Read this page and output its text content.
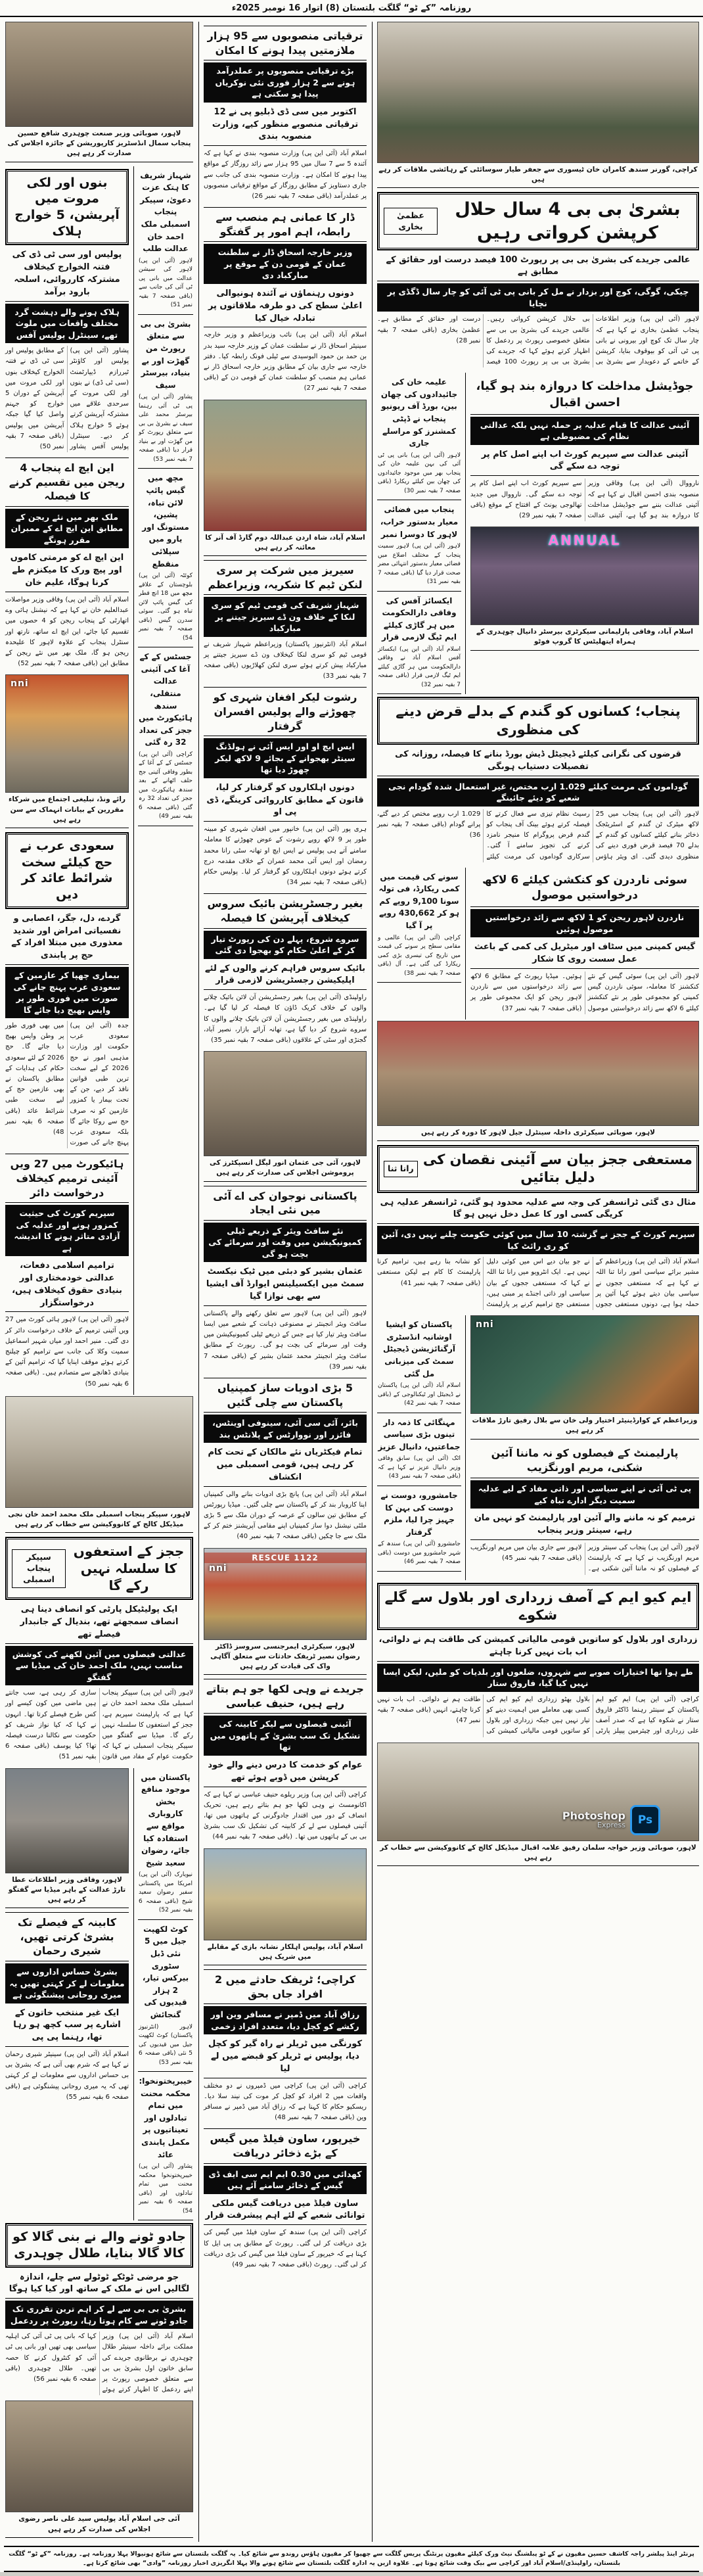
روزنامہ ”کے ٹو“ گلگت بلتستان (8) اتوار 16 نومبر 2025ء
کراچی، گورنر سندھ کامران خان ٹیسوری سے جعفر طیار سوسائٹی کے رہائشی ملاقات کر رہے ہیں
بشریٰ بی بی 4 سال حلال کرپشن کرواتی رہیں
عظمیٰ بخاری
عالمی جریدے کی بشریٰ بی بی پر رپورٹ 100 فیصد درست اور حقائق کے مطابق ہے
چیکی، گوگی، کوچ اور بزدار نے مل کر بانی پی ٹی آئی کو چار سال ڈگڈی پر نچایا

لاہور (آئی این پی) وزیر اطلاعات پنجاب عظمیٰ بخاری نے کہا ہے کہ چار سال تک کوچ اور بیرونی نے بانی پی ٹی آئی کو بیوقوف بنایا، کرپشن کے خاتمے کے دعویدار سے بشریٰ بی بی حلال کرپشن کرواتی رہیں۔ عالمی جریدے کی بشریٰ بی بی سے متعلق خصوصی رپورٹ پر ردعمل کا اظہار کرتے ہوئے کہا کہ جریدے کی بشریٰ بی بی پر رپورٹ 100 فیصد درست اور حقائق کے مطابق ہے۔ عظمیٰ بخاری (باقی صفحہ 7 بقیہ نمبر 28)

جوڈیشل مداخلت کا دروازہ بند ہو گیا، احسن اقبال
آئینی عدالت کا قیام عدلیہ پر حملہ نہیں بلکہ عدالتی نظام کی مضبوطی ہے
آئینی عدالت سے سپریم کورٹ اب اپنے اصل کام پر توجہ دے سکے گی

نارووال (آئی این پی) وفاقی وزیر منصوبہ بندی احسن اقبال نے کہا ہے کہ آئینی عدالت بننے سے جوڈیشل مداخلت کا دروازہ بند ہو گیا ہے، آئینی عدالت سے سپریم کورٹ اب اپنے اصل کام پر توجہ دے سکے گی۔ نارووال میں جدید تھالوجی یونٹ کے افتتاح کے موقع (باقی صفحہ 7 بقیہ نمبر 29)

ANNUAL
اسلام آباد، وفاقی پارلیمانی سیکرٹری بیرسٹر دانیال چوہدری کے ہمراہ ایتھلیٹس کا گروپ فوٹو
علیمہ خان کی جائیدادوں کی چھان بین، بورڈ آف ریونیو پنجاب نے ڈپٹی کمشنرز کو مراسلے جاری

لاہور (آئی این پی) بانی پی ٹی آئی کی بہن علیمہ خان کی پنجاب بھر میں موجود جائیدادوں کی چھان بین کیلئے ریکارڈ (باقی صفحہ 7 بقیہ نمبر 30)

پنجاب میں فضائی معیار بدستور خراب، لاہور کا دوسرا نمبر

لاہور (آئی این پی) لاہور سمیت پنجاب کے مختلف اضلاع میں فضائی معیار بدستور انتہائی مضر صحت قرار دیا گیا (باقی صفحہ 7 بقیہ نمبر 31)

ایکسائز آفس کی وفاقی دارالحکومت میں ہر گاڑی کیلئے ایم ٹیگ لازمی قرار

اسلام آباد (آئی این پی) ایکسائز آفس اسلام آباد نے وفاقی دارالحکومت میں ہر گاڑی کیلئے ایم ٹیگ لازمی قرار (باقی صفحہ 7 بقیہ نمبر 32)

پنجاب؛ کسانوں کو گندم کے بدلے قرض دینے کی منظوری
قرضوں کی نگرانی کیلئے ڈیجیٹل ڈیش بورڈ بنانے کا فیصلہ، روزانہ کی تفصیلات دستیاب ہوںگی
گوداموں کی مرمت کیلئے 1.029 ارب مختص، غیر استعمال شدہ گودام نجی شعبے کو دیئے جائینگے

لاہور (آئی این پی) پنجاب میں 25 لاکھ میٹرک ٹن گندم کے اسٹریٹجک ذخائر بنانے کیلئے کسانوں کو گندم کے بدلے 70 فیصد قرض فوری دینے کی منظوری دیدی گئی۔ ای ویئر ہاؤس رسیٹ نظام تیزی سے فعال کرتے کا فیصلہ کرتے ہوئے بینک آف پنجاب کو گندم قرض پروگرام کا منیجر نامزد کرنے کی تجویز سامنے آ گئی۔ سرکاری گوداموں کی مرمت کیلئے 1.029 ارب روپے مختص کر دیے گئے، پرانے گودام (باقی صفحہ 7 بقیہ نمبر 36)

سوئی ناردرن کو کنکشن کیلئے 6 لاکھ درخواستیں موصول
ناردرن لاہور ریجن کو 1 لاکھ سے زائد درخواستیں موصول ہوئیں
گیس کمپنی میں سٹاف اور میٹریل کی کمی کے باعث عمل سست روی کا شکار

لاہور (آئی این پی) سوئی گیس کے نئے کنکشنز کا معاملہ، سوئی ناردرن گیس کمپنی کو مجموعی طور پر نئے کنکشنز کیلئے 6 لاکھ سے زائد درخواستیں موصول ہوئیں۔ میڈیا رپورٹ کے مطابق 6 لاکھ سے زائد درخواستوں میں سے ناردرن لاہور ریجن کو ایک مجموعی طور پر (باقی صفحہ 7 بقیہ نمبر 37)

سونے کی قیمت میں کمی ریکارڈ، فی تولہ سونا 9,100 روپے کم ہو کر 430,662 روپے پر آ گیا

کراچی (آئی این پی) عالمی و مقامی سطح پر سونے کی قیمت میں تاریخ کی تیسری بڑی کمی ریکارڈ کی گئی ہے۔ آل (باقی صفحہ 7 بقیہ نمبر 38)

لاہور، صوبائی سیکرٹری داخلہ سینٹرل جیل لاہور کا دورہ کر رہے ہیں
مستعفی ججز بیان سے آئینی نقصان کی دلیل بتائیں
رانا ثنا
مثال دی گئی ٹرانسفر کی وجہ سے عدلیہ محدود ہو گئی، ٹرانسفر عدلیہ ہی کریگی کسی اور کا عمل دخل نہیں ہو گا
سپریم کورٹ کے ججز نے گزشتہ 10 سال میں کوئی حکومت چلنے نہیں دی، آئین کو ری رائٹ کیا

اسلام آباد (آئی این پی) وزیراعظم کے مشیر برائے سیاسی امور رانا ثنا اللہ نے کہا ہے کہ مستعفی ججوں نے سیاسی بیان دیتے ہوئے کہا آئین پر حملہ ہوا ہے، دونوں مستعفی ججوں نے جو بیان دیے اس میں کوئی دلیل نہیں ہے۔ ایک انٹرویو میں رانا ثنا اللہ نے کہا کہ مستعفی ججوں کے بیان سیاسی اور ذاتی اجنڈے پر مبنی ہیں، مستعفی جج ترامیم کرنے پر پارلیمنٹ کو نشانہ بنا رہے ہیں، ترامیم کرنا پارلیمنٹ کا کام ہے لیکن مستعفی (باقی صفحہ 7 بقیہ نمبر 41)

nni
وزیراعظم کے کوارڈینیٹر اختیار ولی خان سے بلال رفیق تارڑ ملاقات کر رہے ہیں
پارلیمنٹ کے فیصلوں کو نہ ماننا آئین شکنی، مریم اورنگزیب
پی ٹی آئی نے اپنے سیاسی اور ذاتی مفاد کے لیے عدلیہ سمیت دیگر ادارے تباہ کیے
ترمیم کو نہ ماننے والے آئین اور پارلیمنٹ کو نہیں مان رہے، سینئر وزیر پنجاب

لاہور (آئی این پی) پنجاب کی سینئر وزیر مریم اورنگزیب نے کہا ہے کہ پارلیمنٹ کے فیصلوں کو نہ ماننا آئین شکنی ہے۔ لاہور سے جاری بیان میں مریم اورنگزیب (باقی صفحہ 7 بقیہ نمبر 45)

پاکستان کو ایشیا اوشانیہ انڈسٹری آرگنائزیشن ڈیجیٹل سمٹ کی میزبانی مل گئی

اسلام آباد (آئی این پی) پاکستان نے ڈیجیٹل اور ٹیکنالوجی کے (باقی صفحہ 7 بقیہ نمبر 42)

مہنگائی کا ذمہ دار تینوں بڑی سیاسی جماعتیں، دانیال عزیز

اٹک (آئی این پی) سابق وفاقی وزیر دانیال عزیز نے کہا ہے کہ (باقی صفحہ 7 بقیہ نمبر 43)

جامشورو، دوست نے دوست کی بہن کا جہیز چرا لیا، ملزم گرفتار

جامشورو (آئی این پی) سندھ کے شہر جامشورو میں دوست (باقی صفحہ 7 بقیہ نمبر 46)

ایم کیو ایم کے آصف زرداری اور بلاول سے گلے شکوے
زرداری اور بلاول کو ساتویں قومی مالیاتی کمیشن کی طاقت ہم نے دلوائی، اب بات نہیں کرنا چاہتے
طے ہوا تھا اختیارات صوبے سے شہروں، ضلعوں اور بلدیات کو ملیں، لیکن ایسا نہیں کیا گیا، فاروق ستار

کراچی (آئی این پی) ایم کیو ایم پاکستان کے سینئر رہنما ڈاکٹر فاروق ستار نے شکوہ کیا ہے کہ صدر آصف علی زرداری اور چیئرمین پیپلز پارٹی بلاول بھٹو زرداری ایم کیو ایم کی کسی بھی معاملے میں اہمیت دینے کو تیار نہیں ہیں جبکہ زرداری اور بلاول کو ساتویں قومی مالیاتی کمیشن کی طاقت ہم نے دلوائی۔ اب بات نہیں کرنا چاہتے، انہیں (باقی صفحہ 7 بقیہ نمبر 47)

Ps
Photoshop
Express
لاہور، صوبائی وزیر خواجہ سلمان رفیق علامہ اقبال میڈیکل کالج کے کانووکیشن سے خطاب کر رہے ہیں
ترقیاتی منصوبوں سے 95 ہزار ملازمتیں پیدا ہونے کا امکان
بڑے ترقیاتی منصوبوں پر عملدرآمد ہونے سے 2 ہزار فوری نئی نوکریاں پیدا ہو سکتی ہے
اکتوبر میں سی ڈی ڈبلیو پی نے 12 ترقیاتی منصوبے منظور کیے، وزارت منصوبہ بندی

اسلام آباد (آئی این پی) وزارت منصوبہ بندی نے کہا ہے کہ آئندہ 5 سے 7 سال میں 95 ہزار سے زائد روزگار کے مواقع پیدا ہونے کا امکان ہے۔ وزارت منصوبہ بندی کی جانب سے جاری دستاویز کے مطابق روزگار کے مواقع ترقیاتی منصوبوں پر عملدرآمد (باقی صفحہ 7 بقیہ نمبر 26)

ڈار کا عمانی ہم منصب سے رابطہ، اہم امور پر گفتگو
وزیر خارجہ اسحاق ڈار نے سلطنت عمان کے قومی دن کے موقع پر مبارکباد دی
دونوں رہنماؤں نے آئندہ ہونیوالی اعلیٰ سطح کی دو طرفہ ملاقاتوں پر تبادلہ خیال کیا

اسلام آباد (آئی این پی) نائب وزیراعظم و وزیر خارجہ سینیٹر اسحاق ڈار نے سلطنت عمان کے وزیر خارجہ سید بدر بن حمد بن حمود البوسیدی سے ٹیلی فونک رابطہ کیا۔ دفتر خارجہ سے جاری بیان کے مطابق وزیر خارجہ اسحاق ڈار نے عمانی ہم منصب کو سلطنت عمان کے قومی دن کے (باقی صفحہ 7 بقیہ نمبر 27)

اسلام آباد، شاہ اردن عبداللہ دوم گارڈ آف آنر کا معائنہ کر رہے ہیں
سیریز میں شرکت پر سری لنکن ٹیم کا شکریہ، وزیراعظم
شہباز شریف کی قومی ٹیم کو سری لنکا کے خلاف ون ڈے سیریز جیتنے پر مبارکباد

اسلام آباد (انٹرنیوز پاکستان) وزیراعظم شہباز شریف نے قومی ٹیم کو سری لنکا کیخلاف ون ڈے سیریز جیتنے پر مبارکباد پیش کرتے ہوئے سری لنکن کھلاڑیوں (باقی صفحہ 7 بقیہ نمبر 33)

رشوت لیکر افغان شہری کو چھوڑنے والے پولیس افسران گرفتار
ایس ایچ او اور ایس آئی نے ہولڈنگ سینٹر بھجوانے کے بجائے 9 لاکھ لیکر چھوڑ دیا تھا
دونوں اہلکاروں کو گرفتار کر لیا، قانون کے مطابق کارروائی کرینگے، ڈی پی او

ہری پور (آئی این پی) خانپور میں افغان شہری کو مبینہ طور پر 9 لاکھ روپے رشوت کے عوض چھوڑنے کا معاملہ سامنے آتے ہی پولیس نے ایس ایچ او تھانہ سٹی رانا محمد رمضان اور ایس آئی محمد عمران کے خلاف مقدمہ درج کرتے ہوئے دونوں اہلکاروں کو گرفتار کر لیا۔ پولیس حکام (باقی صفحہ 7 بقیہ نمبر 34)

بغیر رجسٹریشن بائیک سروس کیخلاف آپریشن کا فیصلہ
سروے شروع، پہلے دن کی رپورٹ تیار کر کے اعلیٰ حکام کو بھجوا دی گئی
بائیک سروس فراہم کرنے والوں کے لئے اپلیکیشن رجسٹریشن لازمی قرار

راولپنڈی (آئی این پی) بغیر رجسٹریشن آن لائن بائیک چلانے والوں کے خلاف کریک ڈاؤن کا فیصلہ کر لیا گیا ہے۔ راولپنڈی میں بغیر رجسٹریشن آن لائن بائیک چلانے والوں کا سروے شروع کر دیا گیا ہے، تھانہ آرائے بازار، نصیر آباد، گجنڑی اور سٹی کے علاقوں (باقی صفحہ 7 بقیہ نمبر 35)

لاہور، آئی جی عثمان انور لیگل انسپکٹرز کی پروموشن اجلاس کی صدارت کر رہے ہیں
پاکستانی نوجوان کی اے آئی میں نئی ایجاد
نئے سافٹ ویئر کے ذریعے ٹیلی کمیونیکیشن میں وقت اور سرمائے کی بچت ہو گی
عثمان بشیر کو دبئی میں ٹیک نیکسٹ سمٹ میں ایکسیلینس ایوارڈ آف ایشیا سے بھی نوازا گیا

لاہور (آئی این پی) لاہور سے تعلق رکھنے والے پاکستانی سافٹ ویئر انجینئر نے مصنوعی ذہانت کے شعبے میں ایسا سافٹ ویئر تیار کیا ہے جس کے ذریعے ٹیلی کمیونیکیشن میں وقت اور سرمائے کی بچت ہو گی۔ رپورٹ کے مطابق سافٹ ویئر انجینئر محمد عثمان بشیر کے (باقی صفحہ 7 بقیہ نمبر 39)

5 بڑی ادویات ساز کمپنیاں پاکستان سے چلی گئیں
بائر، آئی سی آئی، سینوفی اوینٹس، فائزر اور نووارٹس کے پلانٹس بند
تمام فیکٹریاں نئے مالکان کے تحت کام کر رہی ہیں، قومی اسمبلی میں انکشاف

اسلام آباد (آئی این پی) پانچ بڑی ادویات بنانے والی کمپنیاں اپنا کاروبار بند کر کے پاکستان سے چلی گئیں۔ میڈیا رپورٹس کے مطابق تین سالوں کے عرصہ کے دوران ملک سے 5 بڑی ملٹی نیشنل دوا ساز کمپنیاں اپنے مقامی آپریشنز ختم کر کے ملک سے جا چکیں (باقی صفحہ 7 بقیہ نمبر 40)

RESCUE 1122
nni
لاہور، سیکرٹری ایمرجنسی سروسز ڈاکٹر رضوان نصیر ٹریفک حادثات سے متعلق آگاہی واک کی قیادت کر رہے ہیں
جریدے نے وہی لکھا جو ہم بتاتے رہے ہیں، حنیف عباسی
آئینی فیصلوں سے لیکر کابینہ کی تشکیل تک سب بشریٰ کے ہاتھوں میں تھا
عوام کو خدمت کا درس دینے والے خود کرپشن میں ڈوبے ہوئے تھے

کراچی (آئی این پی) وزیر ریلوے حنیف عباسی نے کہا ہے کہ اکانومسٹ نے وہی لکھا جو ہم بتاتے رہے ہیں، تحریک انصاف کے دور میں اقتدار جادوگرنی کے ہاتھوں میں تھا، آئینی فیصلوں سے لے کر کابینہ کی تشکیل تک سب بشریٰ بی بی کے ہاتھوں میں تھا۔ (باقی صفحہ 7 بقیہ نمبر 44)

اسلام آباد، پولیس اہلکار نشانہ بازی کے مقابلے میں شریک ہیں
کراچی؛ ٹریفک حادثے میں 2 افراد جاں بحق
رزاق آباد میں ڈمپر نے مسافر وین اور رکشے کو کچل دیا، متعدد افراد زخمی
کورنگی میں ٹریلر نے راہ گیر کو کچل دیا، پولیس نے ٹریلر کو قبضے میں لے لیا

کراچی (آئی این پی) کراچی میں ڈمپروں نے دو مختلف واقعات میں 2 افراد کو کچل کر موت کی نیند سلا دیا۔ ریسکیو حکام کا کہنا ہے کہ رزاق آباد میں ڈمپر نے مسافر وین (باقی صفحہ 7 بقیہ نمبر 48)

خیرپور، ساون فیلڈ میں گیس کے بڑے ذخائر دریافت
کھدائی میں 0.30 ایم ایم سی ایف ڈی گیس کے ذخائر سامنے آئے ہیں
ساون فیلڈ میں دریافت گیس ملکی توانائی شعبے کے لئے اہم پیشرفت قرار

کراچی (آئی این پی) سندھ کے ساون فیلڈ میں گیس کی بڑی دریافت کر لی گئی۔ رپورٹ کے مطابق پی پی ایل کا کہنا ہے کہ خیرپور کے ساون فیلڈ میں گیس کی بڑی دریافت کر لی گئی۔ رپورٹ (باقی صفحہ 7 بقیہ نمبر 49)

لاہور، صوبائی وزیر صنعت چوہدری شافع حسین پنجاب سمال انڈسٹریز کارپوریشن کے جائزہ اجلاس کی صدارت کر رہے ہیں
شہباز شریف کا ہتک عزت دعویٰ، سپیکر پنجاب اسمبلی ملک احمد خان عدالت طلب

لاہور (آئی این پی) لاہور کی سیشن عدالت میں بانی پی ٹی آئی کی جانب سے (باقی صفحہ 7 بقیہ نمبر 51)

بشریٰ بی بی سے متعلق رپورٹ من گھڑت اور بے بنیاد، بیرسٹر سیف

پشاور (آئی این پی) پی ٹی آئی رہنما بیرسٹر محمد علی سیف نے بشریٰ بی بی سے متعلق رپورٹ کو من گھڑت اور بے بنیاد قرار دیا (باقی صفحہ 7 بقیہ نمبر 53)

مچھ میں گیس پائپ لائن تباہ، پشین، مستونگ اور یارو میں سپلائی منقطع

کوئٹہ (آئی این پی) بلوچستان کے علاقے مچھ میں 18 انچ قطر کی گیس پائپ لائن تباہ ہو گئی۔ سوئی سدرن گیس (باقی صفحہ 7 بقیہ نمبر 54)

جسٹس کے کے آغا کی آئینی عدالت منتقلی، سندھ ہائیکورٹ میں ججز کی تعداد 32 رہ گئی

کراچی (آئی این پی) جسٹس کے کے آغا کے بطور وفاقی آئینی جج حلف اٹھانے کے بعد سندھ ہائیکورٹ میں ججز کی تعداد 32 رہ گئی (باقی صفحہ 6 بقیہ نمبر 49)

بنوں اور لکی مروت میں آپریشن، 5 خوارج ہلاک
پولیس اور سی ٹی ڈی کی فتنہ الخوارج کیخلاف مشترکہ کارروائی، اسلحہ بارود برآمد
ہلاک ہونے والے دہشت گرد مختلف واقعات میں ملوث تھے، سینٹرل پولیس آفس

پشاور (آئی این پی) پولیس اور کاؤنٹر ٹیررازم ڈیپارٹمنٹ (سی ٹی ڈی) نے بنوں اور لکی مروت کے سرحدی علاقے میں مشترکہ آپریشن کرتے ہوئے 5 خوارج ہلاک کر دیے۔ سینٹرل پولیس آفس پشاور کے مطابق پولیس اور سی ٹی ڈی نے فتنہ الخوارج کیخلاف بنوں اور لکی مروت میں آپریشن کے دوران 5 خوارج کو جہنم واصل کیا گیا جبکہ آپریشن میں پولیس (باقی صفحہ 7 بقیہ نمبر 50)

این ایچ اے پنجاب 4 ریجن میں تقسیم کرنے کا فیصلہ
ملک بھر میں نئے ریجن کے مطابق این ایچ اے کے ممبران مقرر ہونگے
این ایچ اے کو مرمتی کاموں اور پیچ ورک کا میکنزم طے کرنا ہوگا، علیم خان

اسلام آباد (آئی این پی) وفاقی وزیر مواصلات عبدالعلیم خان نے کہا ہے کہ نیشنل ہائی وے اتھارٹی کے پنجاب ریجن کو 4 حصوں میں تقسیم کیا جائے، این ایچ اے ساتھ، نارتھ اور سنٹرل پنجاب کے علاوہ لاہور کا علیحدہ ریجن ہو گا، ملک بھر میں نئے ریجن کے مطابق این (باقی صفحہ 7 بقیہ نمبر 52)

nni
رائے ونڈ، تبلیغی اجتماع میں شرکاء مقررین کے بیانات انہماک سے سن رہے ہیں
سعودی عرب نے حج کیلئے سخت شرائط عائد کر دیں
گردے، دل، جگر، اعصابی و نفسیاتی امراض اور شدید معذوری میں مبتلا افراد کے حج پر پابندی
بیماری چھپا کر عازمین کے سعودی عرب پہنچ جانے کی صورت میں فوری طور پر واپس بھیج دیا جائے گا

جدہ (آئی این پی) سعودی عرب حکومت اور وزارت مذہبی امور نے حج 2026 کے لیے سخت ترین طبی قوانین نافذ کر دیے، جن کے تحت بیمار یا کمزور عازمین کو نہ صرف حج سے روکا جائے گا بلکہ سعودی عرب پہنچ جانے کی صورت میں بھی فوری طور پر وطن واپس بھیج دیا جائے گا۔ حج 2026 کے لئے سعودی حکام کی ہدایات کے مطابق پاکستان نے بھی عازمین حج کے لیے سخت طبی شرائط عائد (باقی صفحہ 6 بقیہ نمبر 48)

ہائیکورٹ میں 27 ویں آئینی ترمیم کیخلاف درخواست دائر
سپریم کورٹ کی حیثیت کمزور ہونے اور عدلیہ کی آزادی متاثر ہونے کا اندیشہ ہے
ترامیم اسلامی دفعات، عدالتی خودمختاری اور بنیادی حقوق کیخلاف ہیں، درخواستگزار

لاہور (آئی این پی) لاہور ہائی کورٹ میں 27 ویں آئینی ترمیم کے خلاف درخواست دائر کر دی گئی۔ منیر احمد اور میاں شہیر اسماعیل سمیت وکلا کی جانب سے ترامیم کو چیلنج کرتے ہوئے موقف اپنایا گیا کہ ترامیم آئین کے بنیادی ڈھانچے سے متصادم ہیں۔ (باقی صفحہ 6 بقیہ نمبر 50)

لاہور، سپیکر پنجاب اسمبلی ملک محمد احمد خان نجی میڈیکل کالج کے کانووکیشن سے خطاب کر رہے ہیں
ججز کے استعفوں کا سلسلہ نہیں رکے گا
سپیکر پنجاب اسمبلی
ایک پولیٹیکل پارٹی کو انصاف دینا ہی انصاف سمجھتے تھے، بندیال کے جانبدار فیصلے تھے
عدالتی فیصلوں میں آئین لکھنے کی کوشش مناسب نہیں، ملک احمد خان کی میڈیا سے گفتگو

لاہور (آئی این پی) سپیکر پنجاب اسمبلی ملک محمد احمد خان نے کہا ہے کہ پارلیمنٹ سپریم ہے، ججز کے استعفوں کا سلسلہ نہیں رکے گا۔ میڈیا سے گفتگو میں سپیکر پنجاب اسمبلی نے کہا کہ حکومت عوام کے مفاد میں قانون سازی کر رہی ہے، سب جانتے ہیں ماضی میں کون کیسے اور کس طرح فیصلے کرتا تھا۔ انہوں نے کہا کہ کیا نواز شریف کو حکومت سے نکالنا درست فیصلہ تھا؟ کیا یوسف (باقی صفحہ 6 بقیہ نمبر 51)

پاکستان میں موجود منافع بخش کاروباری مواقع سے استفادہ کیا جائے، رضوان سعید شیخ

نیویارک (آئی این پی) امریکا میں پاکستانی سفیر رضوان سعید شیخ (باقی صفحہ 6 بقیہ نمبر 52)

کوٹ لکھپت جیل میں 5 نئی ڈبل سٹوری بیرکس تیار، 2 ہزار قیدیوں کی گنجائش

لاہور (انٹرنیوز پاکستان) کوٹ لکھپت جیل میں قیدیوں کی 5 نئی (باقی صفحہ 6 بقیہ نمبر 53)

خیبرپختونخوا: محکمہ محنت میں تمام تبادلوں اور تعیناتیوں پر مکمل پابندی عائد

پشاور (آئی این پی) خیبرپختونخوا محکمہ محنت میں تمام تبادلوں اور (باقی صفحہ 6 بقیہ نمبر 54)

لاہور، وفاقی وزیر اطلاعات عطا تارڑ عدالت کے باہر میڈیا سے گفتگو کر رہے ہیں
کابینہ کے فیصلے تک بشریٰ کرتی تھیں، شیری رحمان
بشریٰ حساس اداروں سے معلومات لے کر کہتی تھیں یہ میری روحانی پیشنگوئی ہے
ایک غیر منتخب خاتون کے اشارے پر سب کچھ ہو رہا تھا، رہنما پی پی

اسلام آباد (آئی این پی) سینیٹر شیری رحمان نے کہا ہے کہ شرم بھی آتی ہے کہ بشریٰ بی بی حساس اداروں سے معلومات لے کر کہتی تھی کہ یہ میری روحانی پیشنگوئی ہے (باقی صفحہ 6 بقیہ نمبر 55)

جادو ٹونے والے نے بنی گالا کو کالا گالا بنایا، طلال چوہدری
جو مرضی ٹوٹکے ٹوٹولے سے چلے، اندازہ لگالیں اس نے ملک کے ساتھ اور کیا کیا ہوگا
بشریٰ بی بی سے لے کر اہم ترین تقرری تک جادو ٹونے سے کام ہوتا رہا، رپورٹ پر ردعمل

اسلام آباد (آئی این پی) وزیر مملکت برائے داخلہ سینیٹر طلال چوہدری نے برطانوی جریدے کی سابق خاتون اول بشریٰ بی بی سے متعلق خصوصی رپورٹ پر اپنے ردعمل کا اظہار کرتے ہوئے کہا کہ بانی پی ٹی آئی کی اہلیہ سیاسی بھی تھیں اور بانی پی ٹی آئی کو کنٹرول کرنے کا حصہ تھیں۔ طلال چوہدری (باقی صفحہ 6 بقیہ نمبر 56)

آئی جی اسلام آباد پولیس سید علی ناصر رضوی اجلاس کی صدارت کر رہے ہیں
پرنٹر اینڈ پبلشر راجہ کاشف حسین مقپون نے کے ٹو پبلشنگ نیٹ ورک کیلئے مقپون پرنٹنگ پریس گلگت سے چھپوا کر مقپون ہاؤس روندو سے شائع کیا۔ یہ گلگت بلتستان سے شائع ہونیوالا پہلا روزنامہ ہے۔ روزنامہ ”کے ٹو“ گلگت بلتستان، راولپنڈی/اسلام آباد اور کراچی سے بیک وقت شائع ہوتا ہے۔ علاوہ ازیں یہ ادارہ گلگت بلتستان سے شائع ہونے والا پہلا انگریزی اخبار روزنامہ ”وادی“ بھی شائع کرتا ہے۔
